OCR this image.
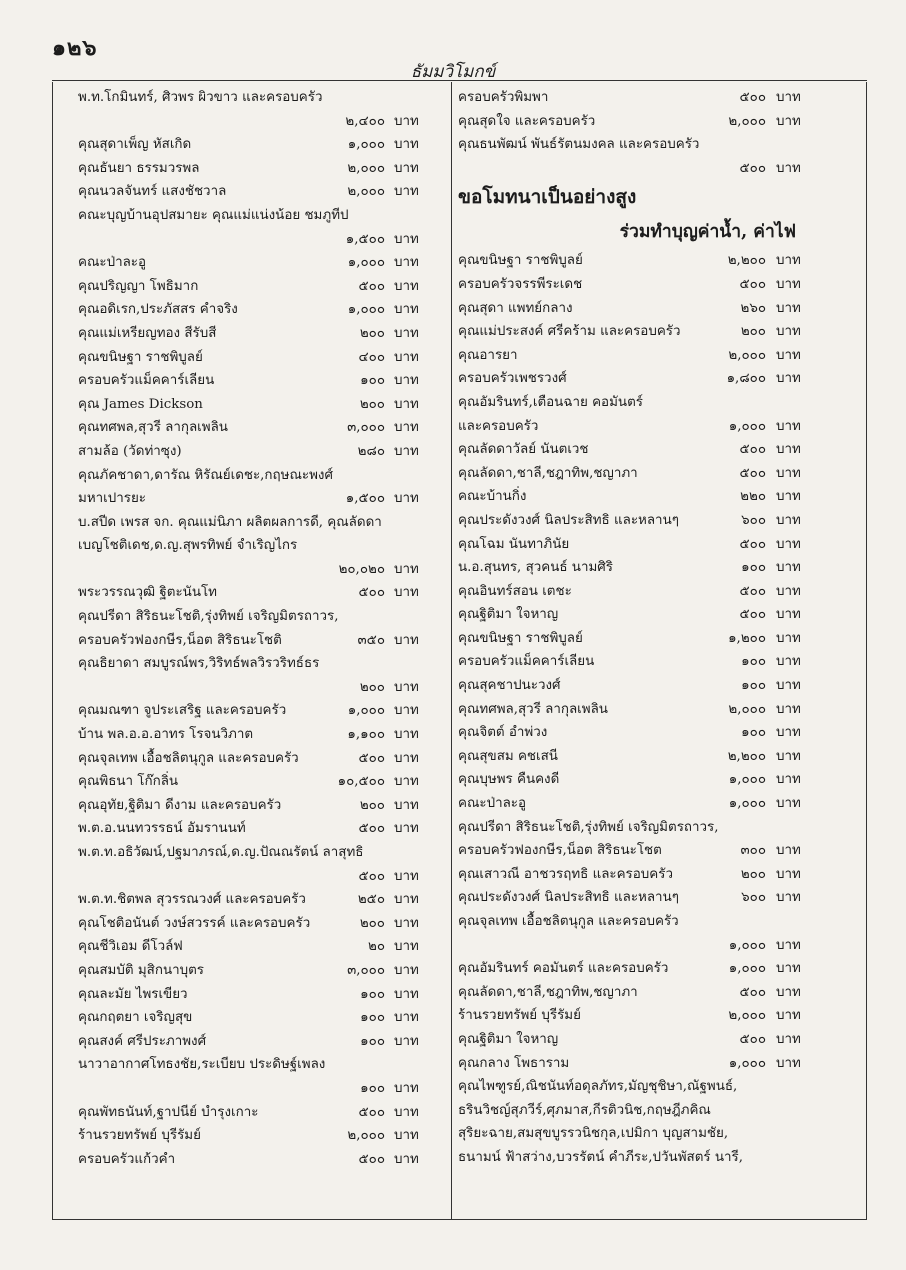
๑๒๖
ธัมมวิโมกข์
พ.ท.โกมินทร์, ศิวพร ผิวขาว และครอบครัว
๒,๔๐๐ บาท
คุณสุดาเพ็ญ หัสเกิด	๑,๐๐๐ บาท
คุณธันยา ธรรมวรพล	๒,๐๐๐ บาท
คุณนวลจันทร์ แสงชัชวาล	๒,๐๐๐ บาท
คณะบุญบ้านอุปสมายะ คุณแม่แน่งน้อย ชมภูทีป
๑,๕๐๐ บาท
คณะป่าละอู	๑,๐๐๐ บาท
คุณปริญญา โพธิมาก	๕๐๐ บาท
คุณอดิเรก,ประภัสสร คำจริง	๑,๐๐๐ บาท
คุณแม่เหรียญทอง สีรับสี	๒๐๐ บาท
คุณขนิษฐา ราชพิบูลย์	๔๐๐ บาท
ครอบครัวแม็คคาร์เลียน	๑๐๐ บาท
คุณ James Dickson	๒๐๐ บาท
คุณทศพล,สุวรี ลากุลเพลิน	๓,๐๐๐ บาท
สามล้อ (วัดท่าซุง)	๒๘๐ บาท
คุณภัคชาดา,ดารัณ หิรัณย์เดชะ,กฤษณะพงศ์
มหาเปารยะ	๑,๕๐๐ บาท
บ.สปีด เพรส จก. คุณแม่นิภา ผลิตผลการดี, คุณลัดดา
เบญโชติเดช,ด.ญ.สุพรทิพย์ จำเริญไกร
๒๐,๐๒๐ บาท
พระวรรณวุฒิ ฐิตะนันโท	๕๐๐ บาท
คุณปรีดา สิริธนะโชติ,รุ่งทิพย์ เจริญมิตรถาวร,
ครอบครัวฟองกษีร,น็อต สิริธนะโชติ	๓๕๐ บาท
คุณธิยาดา สมบูรณ์พร,วิริทธ์พลวิรวริทธ์ธร
๒๐๐ บาท
คุณมณฑา จูประเสริฐ และครอบครัว	๑,๐๐๐ บาท
บ้าน พล.อ.อ.อาทร โรจนวิภาต	๑,๑๐๐ บาท
คุณจุลเทพ เอื้อชลิตนุกูล และครอบครัว	๕๐๐ บาท
คุณพิธนา โก๊กลิ่น	๑๐,๕๐๐ บาท
คุณอุทัย,ฐิติมา ดีงาม และครอบครัว	๒๐๐ บาท
พ.ต.อ.นนทวรรธน์ อัมรานนท์	๕๐๐ บาท
พ.ต.ท.อธิวัฒน์,ปฐมาภรณ์,ด.ญ.ปัณณรัตน์ ลาสุทธิ
๕๐๐ บาท
พ.ต.ท.ชิตพล สุวรรณวงศ์ และครอบครัว	๒๕๐ บาท
คุณโชติอนันต์ วงษ์สวรรค์ และครอบครัว	๒๐๐ บาท
คุณชีวิเอม ดีโวล์ฟ	๒๐ บาท
คุณสมบัติ มุสิกนาบุตร	๓,๐๐๐ บาท
คุณละมัย ไพรเขียว	๑๐๐ บาท
คุณกฤตยา เจริญสุข	๑๐๐ บาท
คุณสงค์ ศรีประภาพงศ์	๑๐๐ บาท
นาวาอากาศโทธงชัย,ระเบียบ ประดิษฐ์เพลง
๑๐๐ บาท
คุณพัทธนันท์,ฐาปนีย์ บำรุงเกาะ	๕๐๐ บาท
ร้านรวยทรัพย์ บุรีรัมย์	๒,๐๐๐ บาท
ครอบครัวแก้วคำ	๕๐๐ บาท
ครอบครัวพิมพา	๕๐๐ บาท
คุณสุดใจ และครอบครัว	๒,๐๐๐ บาท
คุณธนพัฒน์ พันธ์รัตนมงคล และครอบครัว
๕๐๐ บาท
ขอโมทนาเป็นอย่างสูง
ร่วมทำบุญค่าน้ำ, ค่าไฟ
คุณขนิษฐา ราชพิบูลย์	๒,๒๐๐ บาท
ครอบครัวจรรพีระเดช	๕๐๐ บาท
คุณสุดา แพทย์กลาง	๒๖๐ บาท
คุณแม่ประสงค์ ศรีคร้าม และครอบครัว	๒๐๐ บาท
คุณอารยา	๒,๐๐๐ บาท
ครอบครัวเพชรวงศ์	๑,๘๐๐ บาท
คุณอัมรินทร์,เตือนฉาย คอมันตร์
และครอบครัว	๑,๐๐๐ บาท
คุณลัดดาวัลย์ นันตเวช	๕๐๐ บาท
คุณลัดดา,ชาลี,ชฎาทิพ,ชญาภา	๕๐๐ บาท
คณะบ้านกิ่ง	๒๒๐ บาท
คุณประดังวงศ์ นิลประสิทธิ และหลานๆ	๖๐๐ บาท
คุณโฉม นันทาภินัย	๕๐๐ บาท
น.อ.สุนทร, สุวคนธ์ นามศิริ	๑๐๐ บาท
คุณอินทร์สอน เตชะ	๕๐๐ บาท
คุณฐิติมา ใจหาญ	๕๐๐ บาท
คุณขนิษฐา ราชพิบูลย์	๑,๒๐๐ บาท
ครอบครัวแม็คคาร์เลียน	๑๐๐ บาท
คุณสุคชาปนะวงศ์	๑๐๐ บาท
คุณทศพล,สุวรี ลากุลเพลิน	๒,๐๐๐ บาท
คุณจิตต์ อำพ่วง	๑๐๐ บาท
คุณสุขสม คชเสนี	๒,๒๐๐ บาท
คุณบุษพร คืนคงดี	๑,๐๐๐ บาท
คณะป่าละอู	๑,๐๐๐ บาท
คุณปรีดา สิริธนะโชติ,รุ่งทิพย์ เจริญมิตรถาวร,
ครอบครัวฟองกษีร,น็อต สิริธนะโชต	๓๐๐ บาท
คุณเสาวณี อาชวรฤทธิ และครอบครัว	๒๐๐ บาท
คุณประดังวงศ์ นิลประสิทธิ และหลานๆ	๖๐๐ บาท
คุณจุลเทพ เอื้อชลิตนุกูล และครอบครัว
๑,๐๐๐ บาท
คุณอัมรินทร์ คอมันตร์ และครอบครัว	๑,๐๐๐ บาท
คุณลัดดา,ชาลี,ชฎาทิพ,ชญาภา	๕๐๐ บาท
ร้านรวยทรัพย์ บุรีรัมย์	๒,๐๐๐ บาท
คุณฐิติมา ใจหาญ	๕๐๐ บาท
คุณกลาง โพธาราม	๑,๐๐๐ บาท
คุณไพฑูรย์,ณิชนันท์อดุลภัทร,มัญชุชิษา,ณัฐพนธ์,
ธรินวิชญ์สุภวีร์,ศุภมาส,กีรติวนิช,กฤษฎีภคิณ
สุริยะฉาย,สมสุขบูรรวนิชกุล,เปมิกา บุญสามชัย,
ธนามน์ ฟ้าสว่าง,บวรรัตน์ คำภีระ,ปวันพัสตร์ นารี,
